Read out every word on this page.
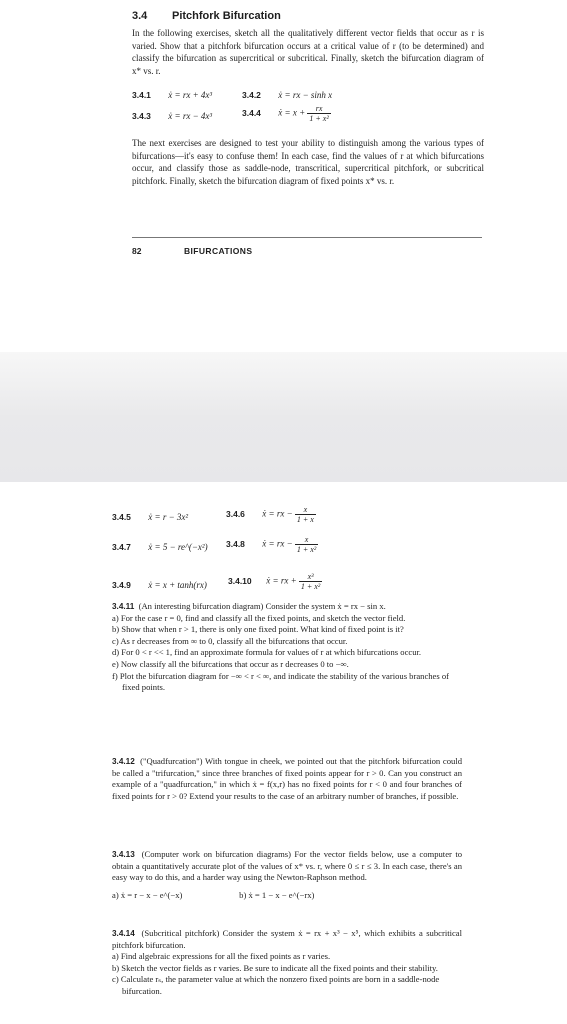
3.4 Pitchfork Bifurcation
In the following exercises, sketch all the qualitatively different vector fields that occur as r is varied. Show that a pitchfork bifurcation occurs at a critical value of r (to be determined) and classify the bifurcation as supercritical or subcritical. Finally, sketch the bifurcation diagram of x* vs. r.
3.4.1 ẋ = rx + 4x³	3.4.2 ẋ = rx − sinh x
3.4.3 ẋ = rx − 4x³	3.4.4 ẋ = $x + \frac{rx}{\text{1 + x²}}$
The next exercises are designed to test your ability to distinguish among the various types of bifurcations—it's easy to confuse them! In each case, find the values of r at which bifurcations occur, and classify those as saddle-node, transcritical, supercritical pitchfork, or subcritical pitchfork. Finally, sketch the bifurcation diagram of fixed points x* vs. r.
82	BIFURCATIONS
3.4.5 ẋ = r − 3x²	3.4.6 ẋ = rx − $\frac{x}{1 + x}$
3.4.7 ẋ = 5 − re^(−x²) 3.4.8 ẋ = rx − $\frac{x}{\text{1 + x²}}$
3.4.9 ẋ = x + tanh(rx) 3.4.10 ẋ = rx + $\frac{\text{x³}}{\text{1 + x²}}$

3.4.11 (An interesting bifurcation diagram) Consider the system ẋ = rx − sin x.

a) For the case r = 0, find and classify all the fixed points, and sketch the vector field.

b) Show that when r > 1, there is only one fixed point. What kind of fixed point is it?

c) As r decreases from ∞ to 0, classify all the bifurcations that occur.

d) For 0 < r << 1, find an approximate formula for values of r at which bifurcations occur.

e) Now classify all the bifurcations that occur as r decreases 0 to −∞.

f) Plot the bifurcation diagram for −∞ < r < ∞, and indicate the stability of the various branches of fixed points.

3.4.12 ("Quadfurcation") With tongue in cheek, we pointed out that the pitchfork bifurcation could be called a "trifurcation," since three branches of fixed points appear for r > 0. Can you construct an example of a "quadfurcation," in which ẋ = f(x,r) has no fixed points for r < 0 and four branches of fixed points for r > 0? Extend your results to the case of an arbitrary number of branches, if possible.

3.4.13 (Computer work on bifurcation diagrams) For the vector fields below, use a computer to obtain a quantitatively accurate plot of the values of x* vs. r, where 0 ≤ r ≤ 3. In each case, there's an easy way to do this, and a harder way using the Newton-Raphson method.

a) ẋ = r − x − e^(−x)	b) ẋ = 1 − x − e^(−rx)

3.4.14 (Subcritical pitchfork) Consider the system ẋ = rx + x³ − x⁵, which exhibits a subcritical pitchfork bifurcation.

a) Find algebraic expressions for all the fixed points as r varies.

b) Sketch the vector fields as r varies. Be sure to indicate all the fixed points and their stability.

c) Calculate rₛ, the parameter value at which the nonzero fixed points are born in a saddle-node bifurcation.
